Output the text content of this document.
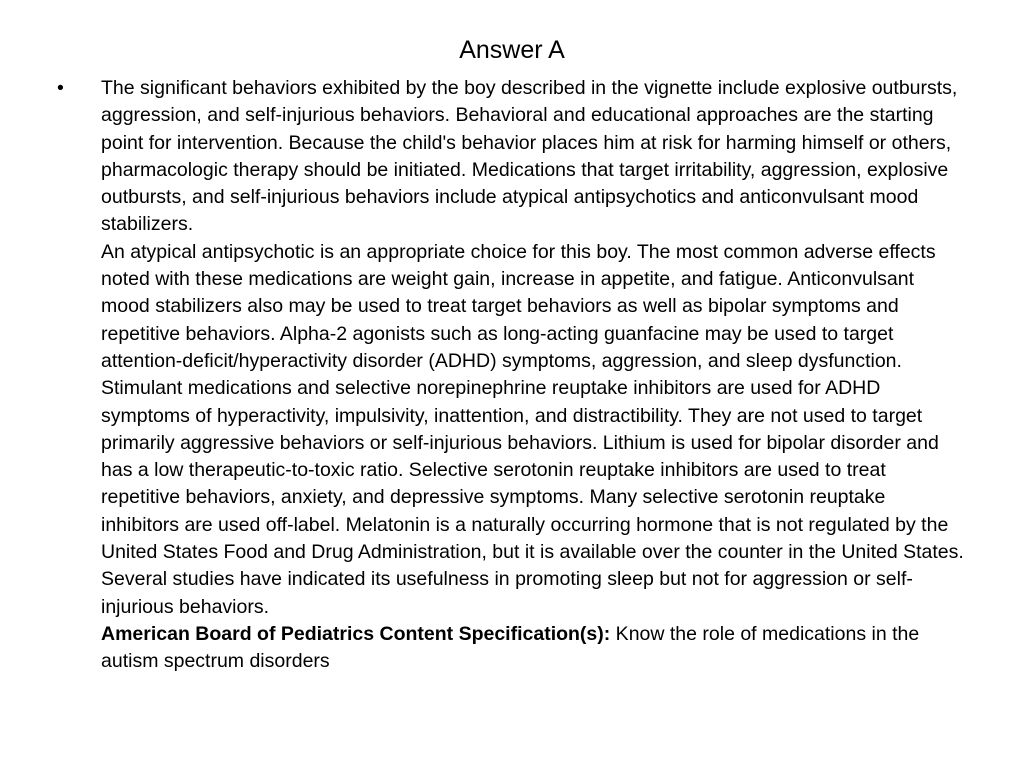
Answer A
• The significant behaviors exhibited by the boy described in the vignette include explosive outbursts, aggression, and self-injurious behaviors. Behavioral and educational approaches are the starting point for intervention. Because the child's behavior places him at risk for harming himself or others, pharmacologic therapy should be initiated. Medications that target irritability, aggression, explosive outbursts, and self-injurious behaviors include atypical antipsychotics and anticonvulsant mood stabilizers.

An atypical antipsychotic is an appropriate choice for this boy. The most common adverse effects noted with these medications are weight gain, increase in appetite, and fatigue. Anticonvulsant mood stabilizers also may be used to treat target behaviors as well as bipolar symptoms and repetitive behaviors. Alpha-2 agonists such as long-acting guanfacine may be used to target attention-deficit/hyperactivity disorder (ADHD) symptoms, aggression, and sleep dysfunction.

Stimulant medications and selective norepinephrine reuptake inhibitors are used for ADHD symptoms of hyperactivity, impulsivity, inattention, and distractibility. They are not used to target primarily aggressive behaviors or self-injurious behaviors. Lithium is used for bipolar disorder and has a low therapeutic-to-toxic ratio. Selective serotonin reuptake inhibitors are used to treat repetitive behaviors, anxiety, and depressive symptoms. Many selective serotonin reuptake inhibitors are used off-label. Melatonin is a naturally occurring hormone that is not regulated by the United States Food and Drug Administration, but it is available over the counter in the United States. Several studies have indicated its usefulness in promoting sleep but not for aggression or self-injurious behaviors.

American Board of Pediatrics Content Specification(s): Know the role of medications in the autism spectrum disorders
